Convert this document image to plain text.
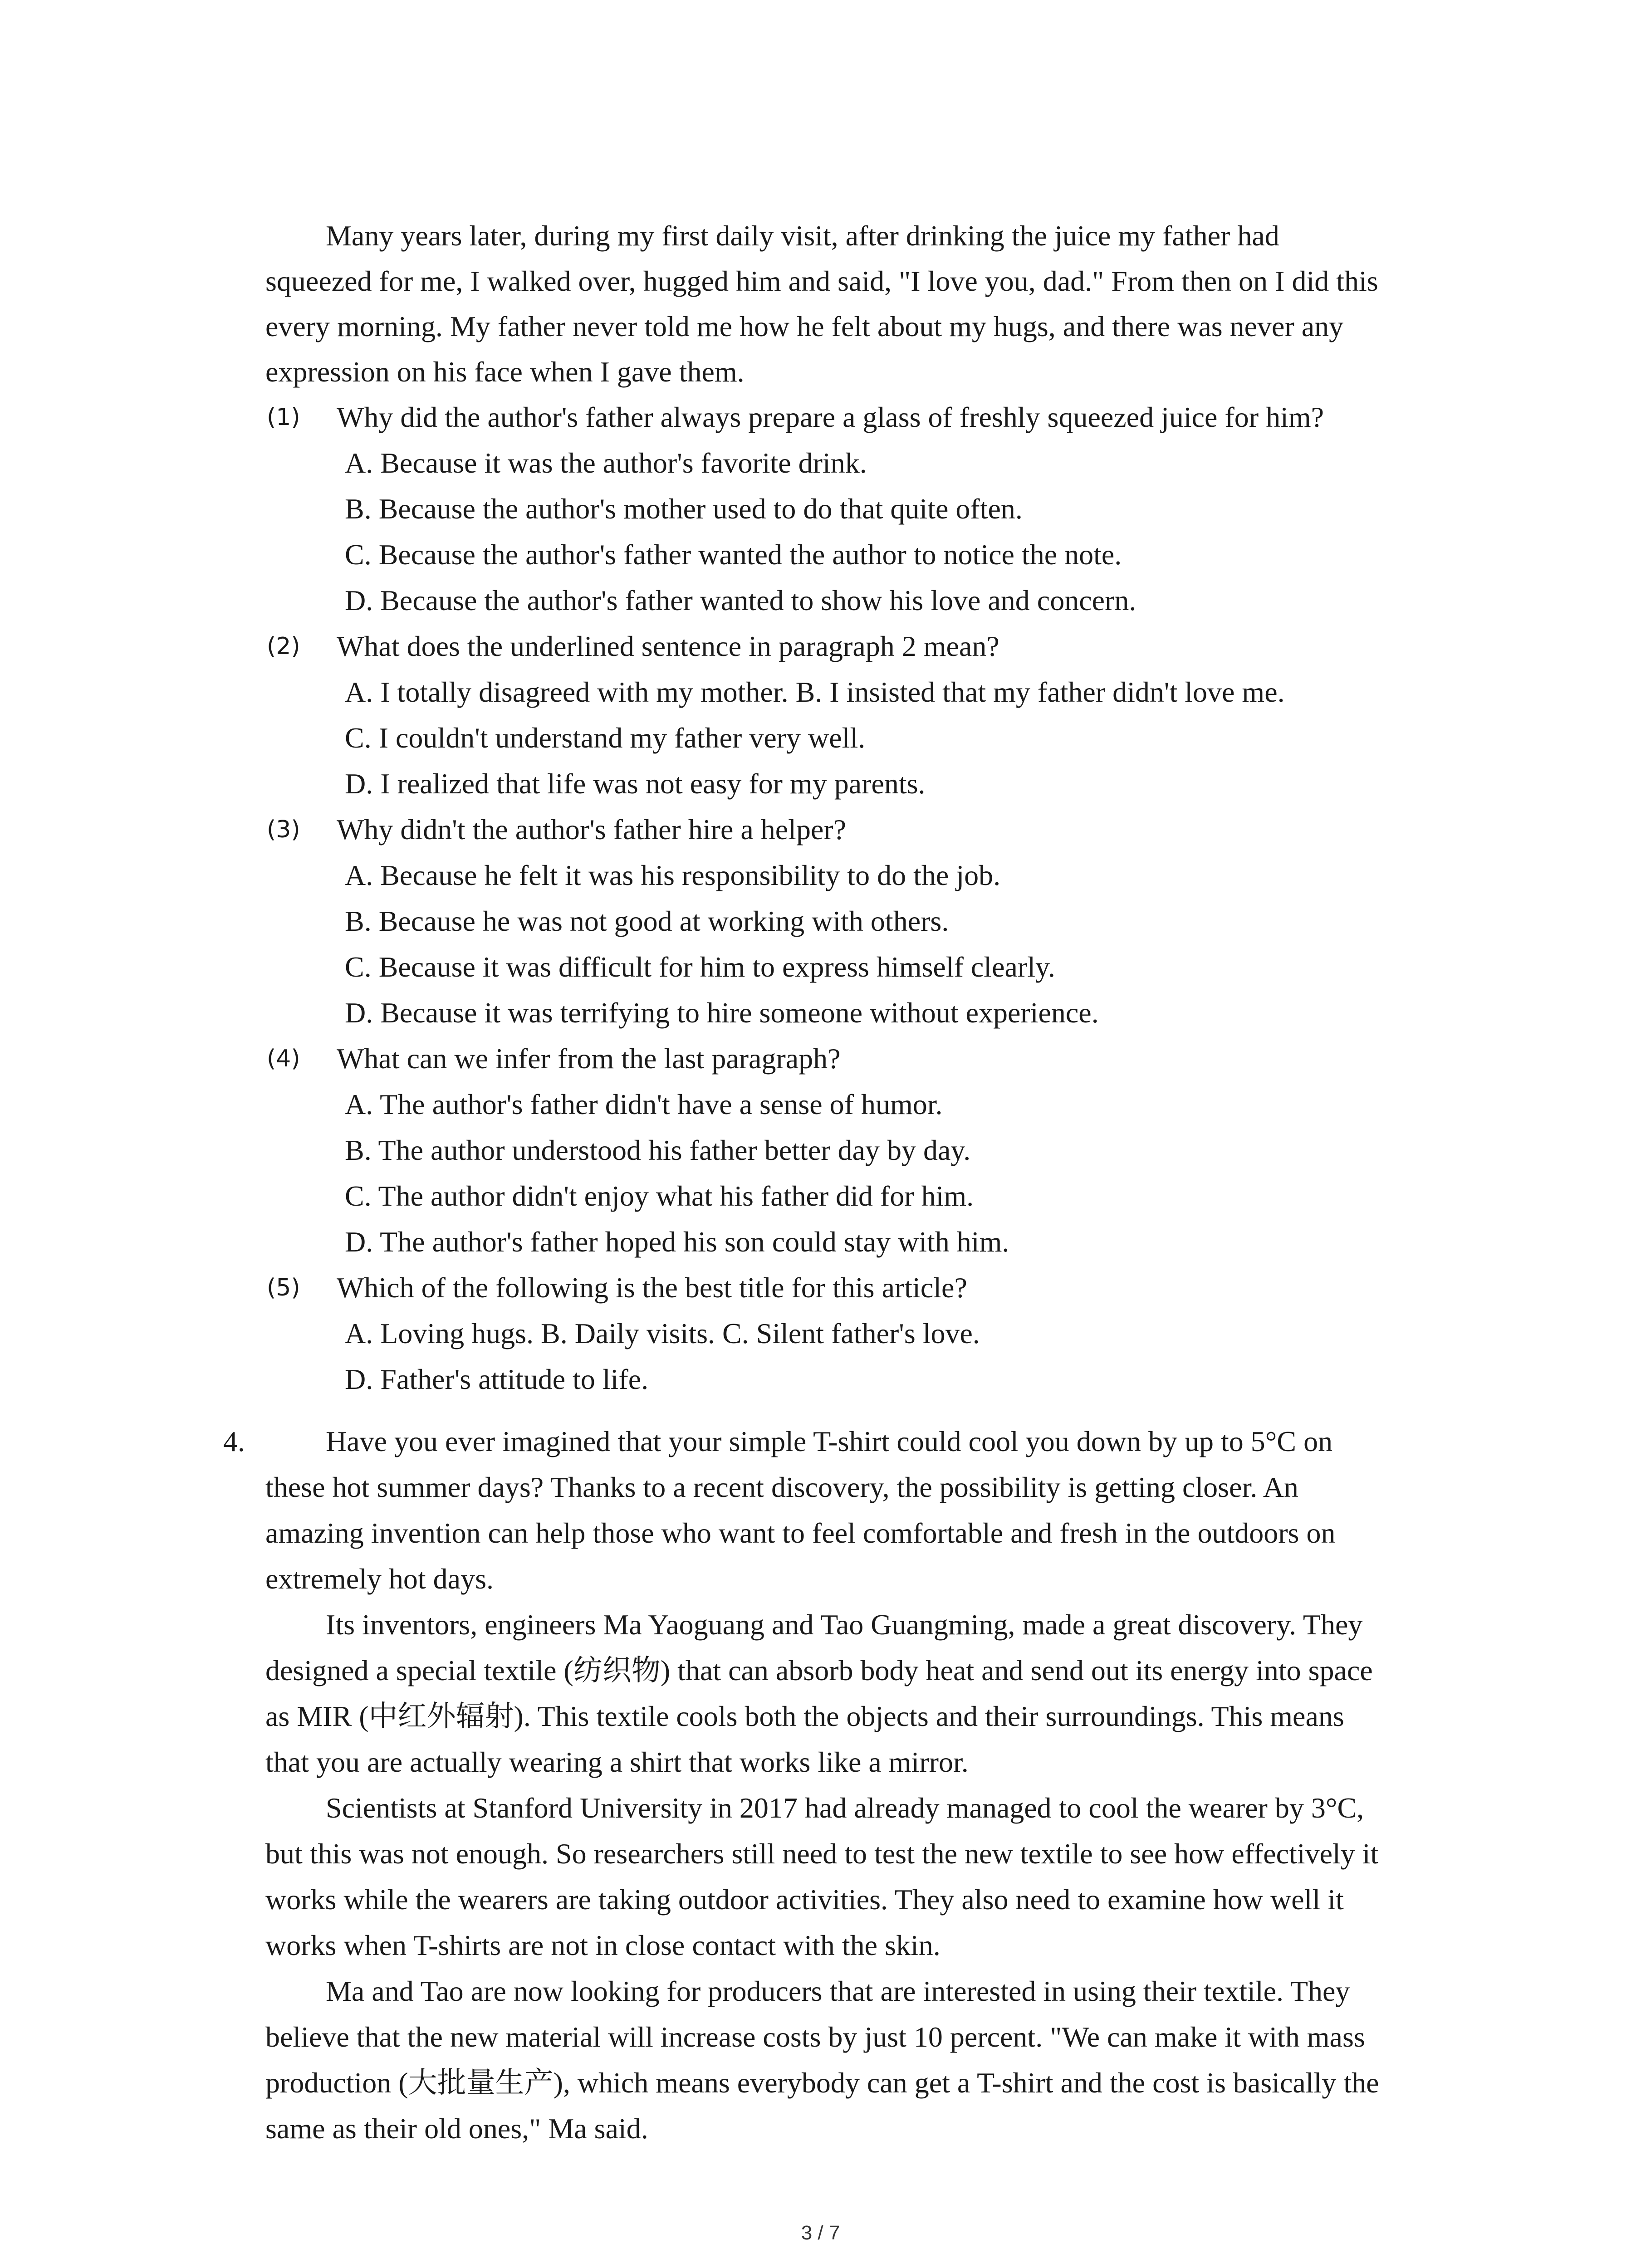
Many years later, during my first daily visit, after drinking the juice my father had
squeezed for me, I walked over, hugged him and said, "I love you, dad." From then on I did this
every morning. My father never told me how he felt about my hugs, and there was never any
expression on his face when I gave them.
(1) Why did the author's father always prepare a glass of freshly squeezed juice for him?
A. Because it was the author's favorite drink.
B. Because the author's mother used to do that quite often.
C. Because the author's father wanted the author to notice the note.
D. Because the author's father wanted to show his love and concern.
(2) What does the underlined sentence in paragraph 2 mean?
A. I totally disagreed with my mother. B. I insisted that my father didn't love me.
C. I couldn't understand my father very well.
D. I realized that life was not easy for my parents.
(3) Why didn't the author's father hire a helper?
A. Because he felt it was his responsibility to do the job.
B. Because he was not good at working with others.
C. Because it was difficult for him to express himself clearly.
D. Because it was terrifying to hire someone without experience.
(4) What can we infer from the last paragraph?
A. The author's father didn't have a sense of humor.
B. The author understood his father better day by day.
C. The author didn't enjoy what his father did for him.
D. The author's father hoped his son could stay with him.
(5) Which of the following is the best title for this article?
A. Loving hugs. B. Daily visits. C. Silent father's love.
D. Father's attitude to life.
4.	Have you ever imagined that your simple T-shirt could cool you down by up to 5°C on
these hot summer days? Thanks to a recent discovery, the possibility is getting closer. An
amazing invention can help those who want to feel comfortable and fresh in the outdoors on
extremely hot days.
Its inventors, engineers Ma Yaoguang and Tao Guangming, made a great discovery. They
designed a special textile (纺织物) that can absorb body heat and send out its energy into space
as MIR (中红外辐射). This textile cools both the objects and their surroundings. This means
that you are actually wearing a shirt that works like a mirror.
Scientists at Stanford University in 2017 had already managed to cool the wearer by 3°C,
but this was not enough. So researchers still need to test the new textile to see how effectively it
works while the wearers are taking outdoor activities. They also need to examine how well it
works when T-shirts are not in close contact with the skin.
Ma and Tao are now looking for producers that are interested in using their textile. They
believe that the new material will increase costs by just 10 percent. "We can make it with mass
production (大批量生产), which means everybody can get a T-shirt and the cost is basically the
same as their old ones," Ma said.
3 / 7
